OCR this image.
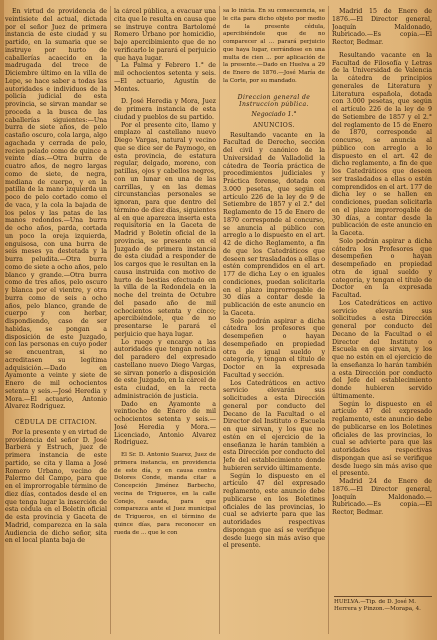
En virtud de providencia de veintisiete del actual, dictada por el señor Juez de primera instancia de este ciudad y su partido, en la sumaria que se instruye por hurto de caballerías acaecido en la madrugada del trece de Diciembre último en la villa de Lepe, se hace saber a todas las autoridades e individuos de la policía judicial de esta provincia, se sirvan mandar se proceda a la busca de las caballerías siguientes:—Una burra de siete años, de pelo castaño oscuro, cola larga, algo agachada y cerrada de pelo, recien pelado como de quince a veinte días.—Otra burra de cuatro años, de negro largas como de siete, de negra, mediana de cuerpo, y en la patilla de la mano izquierda un poco de pelo cortado como el de vaca, y la cola la bajada de los pelos y las patas de las manos redondos.—Una burra de ocho años, parda, cortada un poco la oreja izquierda, enguisosa, con una burra de seis meses ya destetada y la burra peludita.—Otra burra como de siete a ocho años, pelo blanco y grande.—Otra burra como de tres años, pelo oscuro y blanca por el vientre, y otra burra como de seis a ocho años, pelo blanco, grande de cuerpo y con herbar, dispondiendo, caso de ser habidas, se pongan a disposición de este Juzgado, con las personas en cuyo poder se encuentran, si no acreditasen su legítima adquisición.—Dado en Ayamonte a veinte y siete de Enero de mil ochocientos setenta y seis.—José Heredia y Mora.—El actuario, Antonio Alvarez Rodriguez.

CÉDULA DE CITACION.

Por la presente y en virtud de providencia del señor D. José Barberá y Estruch, juez de primera instancia de este partido, se cita y llama a José Romero Urbano, vecino de Palermo del Campo, para que en el improrrogable término de diez días, contados desde el en que tenga lugar la inserción de esta cédula en el Boletín oficial de esta provincia y Gaceta de Madrid, comparezca en la sala Audiencia de dicho señor, sita en el local planta baja de

la cárcel pública, a evacuar una cita que le resulta en causa que se instruye contra Bartolomé Romero Urbano por homicidio, bajo apercibimiento que de no verificarlo le parará el perjuicio que haya lugar.

La Palma y Febrero 1.° de mil ochocientos setenta y seis.—El actuario, Agustín de Montes.

D. José Heredia y Mora, Juez de primera instancia de esta ciudad y pueblos de su partido.

Por el presente cito, llamo y emplazo al castellano nuevo Diego Vargas, natural y vecino que se dice ser de Paymogo, en esta provincia, de estatura regular, delgado, moreno, con patillas, ojos y cabellos negros, con un lunar en una de las carrillas, y en las demas circunstancias personales se ignoran, para que dentro del término de diez días, siguientes al en que aparezca inserta esta requisitoria en la Gaceta de Madrid y Boletín oficial de la provincia, se presente en el Juzgado de primera instancia de esta ciudad a responder de los cargos que le resultan en la causa instruida con motivo de hurto de bestias efectuado en la villa de la Redondela en la noche del treinta de Octubre del pasado año de mil ochocientos setenta y cinco; apercibiéndole, que de no presentarse le parará el perjuicio que haya lugar.

Lo ruego y encargo a las autoridades que tengan noticia del paradero del expresado castellano nuevo Diego Vargas, se sirvan ponerlo a disposición de este Juzgado, en la cárcel de esta ciudad, en la recta administración de justicia.

Dado en Ayamonte a veintiocho de Enero de mil ochocientos setenta y seis.—José Heredia y Mora.—Licenciado, Antonio Alvarez Rodriguez.

El Sr. D. Antonio Suarez, Juez de primera instancia, en providencia de este día, y en causa contra Dolores Conde, manda citar a Concepción Jiménez Barbecho, vecina de Trigueros, en la calle Conejo, casada, para que comparezca ante el Juez municipal de Trigueros, en el término de quince días, para reconocer en rueda de ... que le con

sa lo inicia. En su consecuencia, se le cita para dicho objeto por medio de la presente cédula, apercibiéndole que de no comparecer al ... parará perjuicio que haya lugar, cerrándose en una multa de cien ... por aplicación de la presente.—Dado en Huelva a 29 de Enero de 1876.—José María de la Corte, por su mandado.

Direccion general de Instruccion pública.
Negociado 1.°
ANUNCIOS.

Resultando vacante en la Facultad de Derecho, sección del civil y canónico de la Universidad de Valladolid la cátedra de Teoría práctica de procedimientos judiciales y Práctica forense, dotada con 3.000 pesetas, que según el artículo 226 de la ley de 9 de Setiembre de 1857 y el 2.° del Reglamento de 15 de Enero de 1870 corresponde al concurso, se anuncia al público con arreglo a lo dispuesto en el art. 42 de dicho Reglamento, a fin de que los Catedráticos que deseen ser trasladados a ellas o estén comprendidos en el art. 177 de dicha Ley o en iguales condiciones, puedan solicitarla en el plazo improrrogable de 30 días a contar desde la publicación de este anuncio en la Gaceta.

Solo podrán aspirar a dicha cátedra los profesores que desempeñen o hayan desempeñado en propiedad otra de igual sueldo y categoría, y tengan el título de Doctor en la expresada Facultad y sección.

Los Catedráticos en activo servicio elevarán sus solicitudes a esta Dirección general por conducto del Decano de la Facultad o el Director del Instituto o Escuela en que sirvan, y los que no estén en el ejercicio de la enseñanza le harán también a esta Dirección por conducto del Jefe del establecimiento donde hubieren servido últimamente.

Según lo dispuesto en el artículo 47 del expresado reglamento, este anuncio debe publicarse en los Boletines oficiales de las provincias, lo cual se advierte para que las autoridades respectivas dispongan que así se verifique desde luego sin más aviso que el presente.

Madrid 15 de Enero de 1876.—El Director general, Joaquín Maldonado, Rubricado.—Es copia.—El Rector, Bedmar.

Resultando vacante en la Facultad de Filosofía y Letras de la Universidad de Valencia la cátedra de principios generales de Literatura y Literatura española, dotada con 3.000 pesetas, que según el artículo 226 de la ley de 9 de Setiembre de 1857 y el 2.° del reglamento de 15 de Enero de 1870, corresponde al concurso, se anuncia al público con arreglo a lo dispuesto en el art. 42 de dicho reglamento, a fin de que los Catedráticos que deseen ser trasladados a ellas o estén comprendidos en el art. 177 de dicha ley o se hallen en condiciones, puedan solicitarla en el plazo improrrogable de 30 días, a contar desde la publicación de este anuncio en la Gaceta.

Solo podrán aspirar a dicha cátedra los Profesores que desempeñen o hayan desempeñado en propiedad otra de igual sueldo y categoría, y tengan el título de Doctor en la expresada Facultad.

Los Catedráticos en activo servicio elevarán sus solicitudes a esta Dirección general por conducto del Decano de la Facultad o el Director del Instituto o Escuela en que sirvan, y los que no estén en el ejercicio de la enseñanza lo harán también a esta Dirección por conducto del Jefe del establecimiento donde hubieren servido últimamente.

Según lo dispuesto en el artículo 47 del expresado reglamento, este anuncio debe de publicarse en los Boletines oficiales de las provincias, lo cual se advierte para que las autoridades respectivas dispongan que así se verifique desde luego sin más aviso que el presente.

Madrid 24 de Enero de 1876.—El Director general, Joaquín Maldonado.—Rubricado.—Es copia.—El Rector, Bedmar.

HUELVA.—Tip. de D. José M. Herrera y Pinzon.—Morapa, 4.
